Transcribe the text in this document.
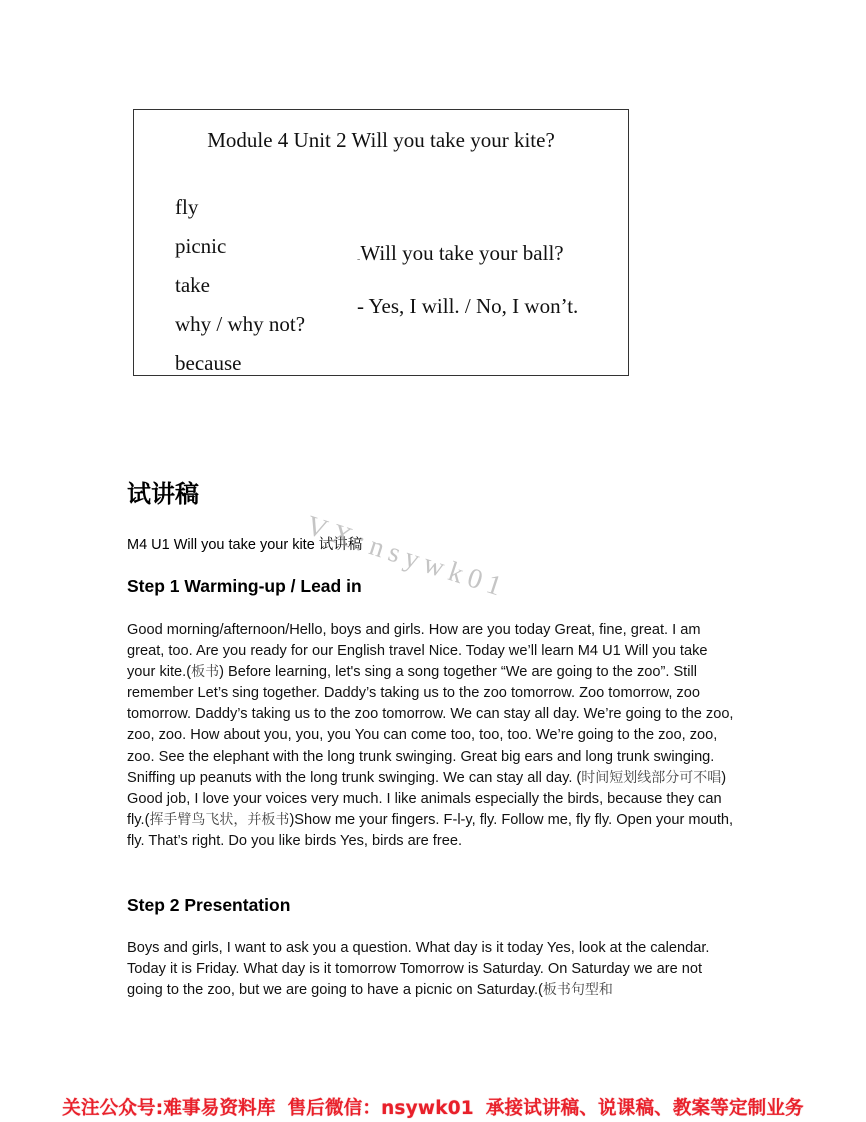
Module 4 Unit 2 Will you take your kite?
fly
picnic
take
why / why not?
because
-Will you take your ball?
- Yes, I will. / No, I won’t.
试讲稿
M4 U1 Will you take your kite 试讲稿
Step 1 Warming-up / Lead in
Good morning/afternoon/Hello, boys and girls. How are you today Great, fine, great. I am great, too. Are you ready for our English travel Nice. Today we’ll learn M4 U1 Will you take your kite.(板书) Before learning, let's sing a song together “We are going to the zoo”. Still remember Let’s sing together. Daddy’s taking us to the zoo tomorrow. Zoo tomorrow, zoo tomorrow. Daddy’s taking us to the zoo tomorrow. We can stay all day. We’re going to the zoo, zoo, zoo. How about you, you, you You can come too, too, too. We’re going to the zoo, zoo, zoo. See the elephant with the long trunk swinging. Great big ears and long trunk swinging. Sniffing up peanuts with the long trunk swinging. We can stay all day. (时间短划线部分可不唱) Good job, I love your voices very much. I like animals especially the birds, because they can fly.(挥手臂鸟飞状，并板书)Show me your fingers. F-l-y, fly. Follow me, fly fly. Open your mouth, fly. That’s right. Do you like birds Yes, birds are free.
Step 2 Presentation
Boys and girls, I want to ask you a question. What day is it today Yes, look at the calendar. Today it is Friday. What day is it tomorrow Tomorrow is Saturday. On Saturday we are not going to the zoo, but we are going to have a picnic on Saturday.(板书句型和
VX:nsywk01
关注公众号:难事易资料库 售后微信：nsywk01 承接试讲稿、说课稿、教案等定制业务
